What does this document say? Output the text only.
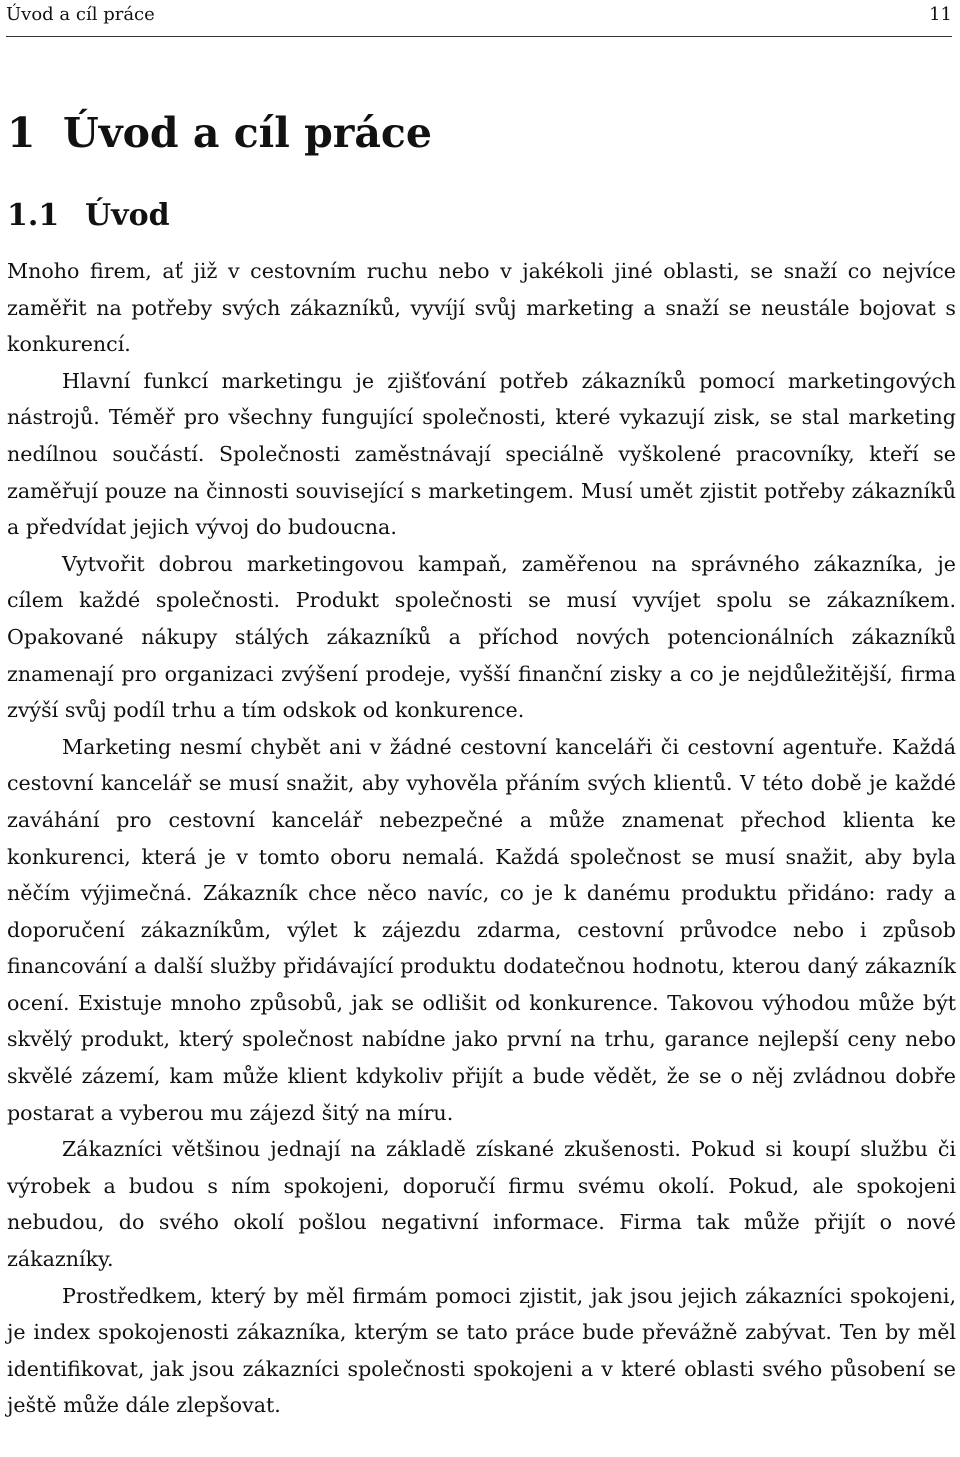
Úvod a cíl práce	11
1 Úvod a cíl práce
1.1 Úvod

Mnoho firem, ať již v cestovním ruchu nebo v jakékoli jiné oblasti, se snaží co nejvíce zaměřit na potřeby svých zákazníků, vyvíjí svůj marketing a snaží se neustále bojovat s konkurencí.

Hlavní funkcí marketingu je zjišťování potřeb zákazníků pomocí marketingových nástrojů. Téměř pro všechny fungující společnosti, které vykazují zisk, se stal marketing nedílnou součástí. Společnosti zaměstnávají speciálně vyškolené pracovníky, kteří se zaměřují pouze na činnosti související s marketingem. Musí umět zjistit potřeby zákazníků a předvídat jejich vývoj do budoucna.

Vytvořit dobrou marketingovou kampaň, zaměřenou na správného zákazníka, je cílem každé společnosti. Produkt společnosti se musí vyvíjet spolu se zákazníkem. Opakované nákupy stálých zákazníků a příchod nových potencionálních zákazníků znamenají pro organizaci zvýšení prodeje, vyšší finanční zisky a co je nejdůležitější, firma zvýší svůj podíl trhu a tím odskok od konkurence.

Marketing nesmí chybět ani v žádné cestovní kanceláři či cestovní agentuře. Každá cestovní kancelář se musí snažit, aby vyhověla přáním svých klientů. V této době je každé zaváhání pro cestovní kancelář nebezpečné a může znamenat přechod klienta ke konkurenci, která je v tomto oboru nemalá. Každá společnost se musí snažit, aby byla něčím výjimečná. Zákazník chce něco navíc, co je k danému produktu přidáno: rady a doporučení zákazníkům, výlet k zájezdu zdarma, cestovní průvodce nebo i způsob financování a další služby přidávající produktu dodatečnou hodnotu, kterou daný zákazník ocení. Existuje mnoho způsobů, jak se odlišit od konkurence. Takovou výhodou může být skvělý produkt, který společnost nabídne jako první na trhu, garance nejlepší ceny nebo skvělé zázemí, kam může klient kdykoliv přijít a bude vědět, že se o něj zvládnou dobře postarat a vyberou mu zájezd šitý na míru.

Zákazníci většinou jednají na základě získané zkušenosti. Pokud si koupí službu či výrobek a budou s ním spokojeni, doporučí firmu svému okolí. Pokud, ale spokojeni nebudou, do svého okolí pošlou negativní informace. Firma tak může přijít o nové zákazníky.

Prostředkem, který by měl firmám pomoci zjistit, jak jsou jejich zákazníci spokojeni, je index spokojenosti zákazníka, kterým se tato práce bude převážně zabývat. Ten by měl identifikovat, jak jsou zákazníci společnosti spokojeni a v které oblasti svého působení se ještě může dále zlepšovat.
